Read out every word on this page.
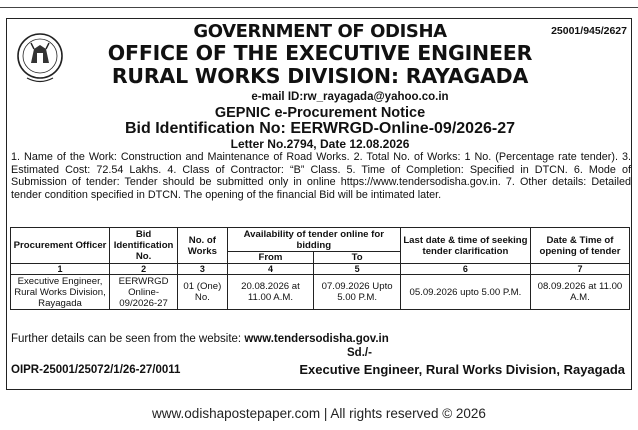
25001/945/2627
GOVERNMENT OF ODISHA
OFFICE OF THE EXECUTIVE ENGINEER
RURAL WORKS DIVISION: RAYAGADA
e-mail ID:rw_rayagada@yahoo.co.in
GEPNIC e-Procurement Notice
Bid Identification No: EERWRGD-Online-09/2026-27
Letter No.2794, Date 12.08.2026
1. Name of the Work: Construction and Maintenance of Road Works. 2. Total No. of Works: 1 No. (Percentage rate tender). 3. Estimated Cost: 72.54 Lakhs. 4. Class of Contractor: “B” Class. 5. Time of Completion: Specified in DTCN. 6. Mode of Submission of tender: Tender should be submitted only in online https://www.tendersodisha.gov.in. 7. Other details: Detailed tender condition specified in DTCN. The opening of the financial Bid will be intimated later.
Procurement Officer	Bid Identification No.	No. of Works	Availability of tender online for bidding		Last date & time of seeking tender clarification	Date & Time of opening of tender
			From	To		
1	2	3	4	5	6	7
Executive Engineer, Rural Works Division, Rayagada	EERWRGD Online-09/2026-27	01 (One) No.	20.08.2026 at 11.00 A.M.	07.09.2026 Upto 5.00 P.M.	05.09.2026 upto 5.00 P.M.	08.09.2026 at 11.00 A.M.
Further details can be seen from the website: www.tendersodisha.gov.in
Sd./-
OIPR-25001/25072/1/26-27/0011	Executive Engineer, Rural Works Division, Rayagada
www.odishapostepaper.com | All rights reserved © 2026
